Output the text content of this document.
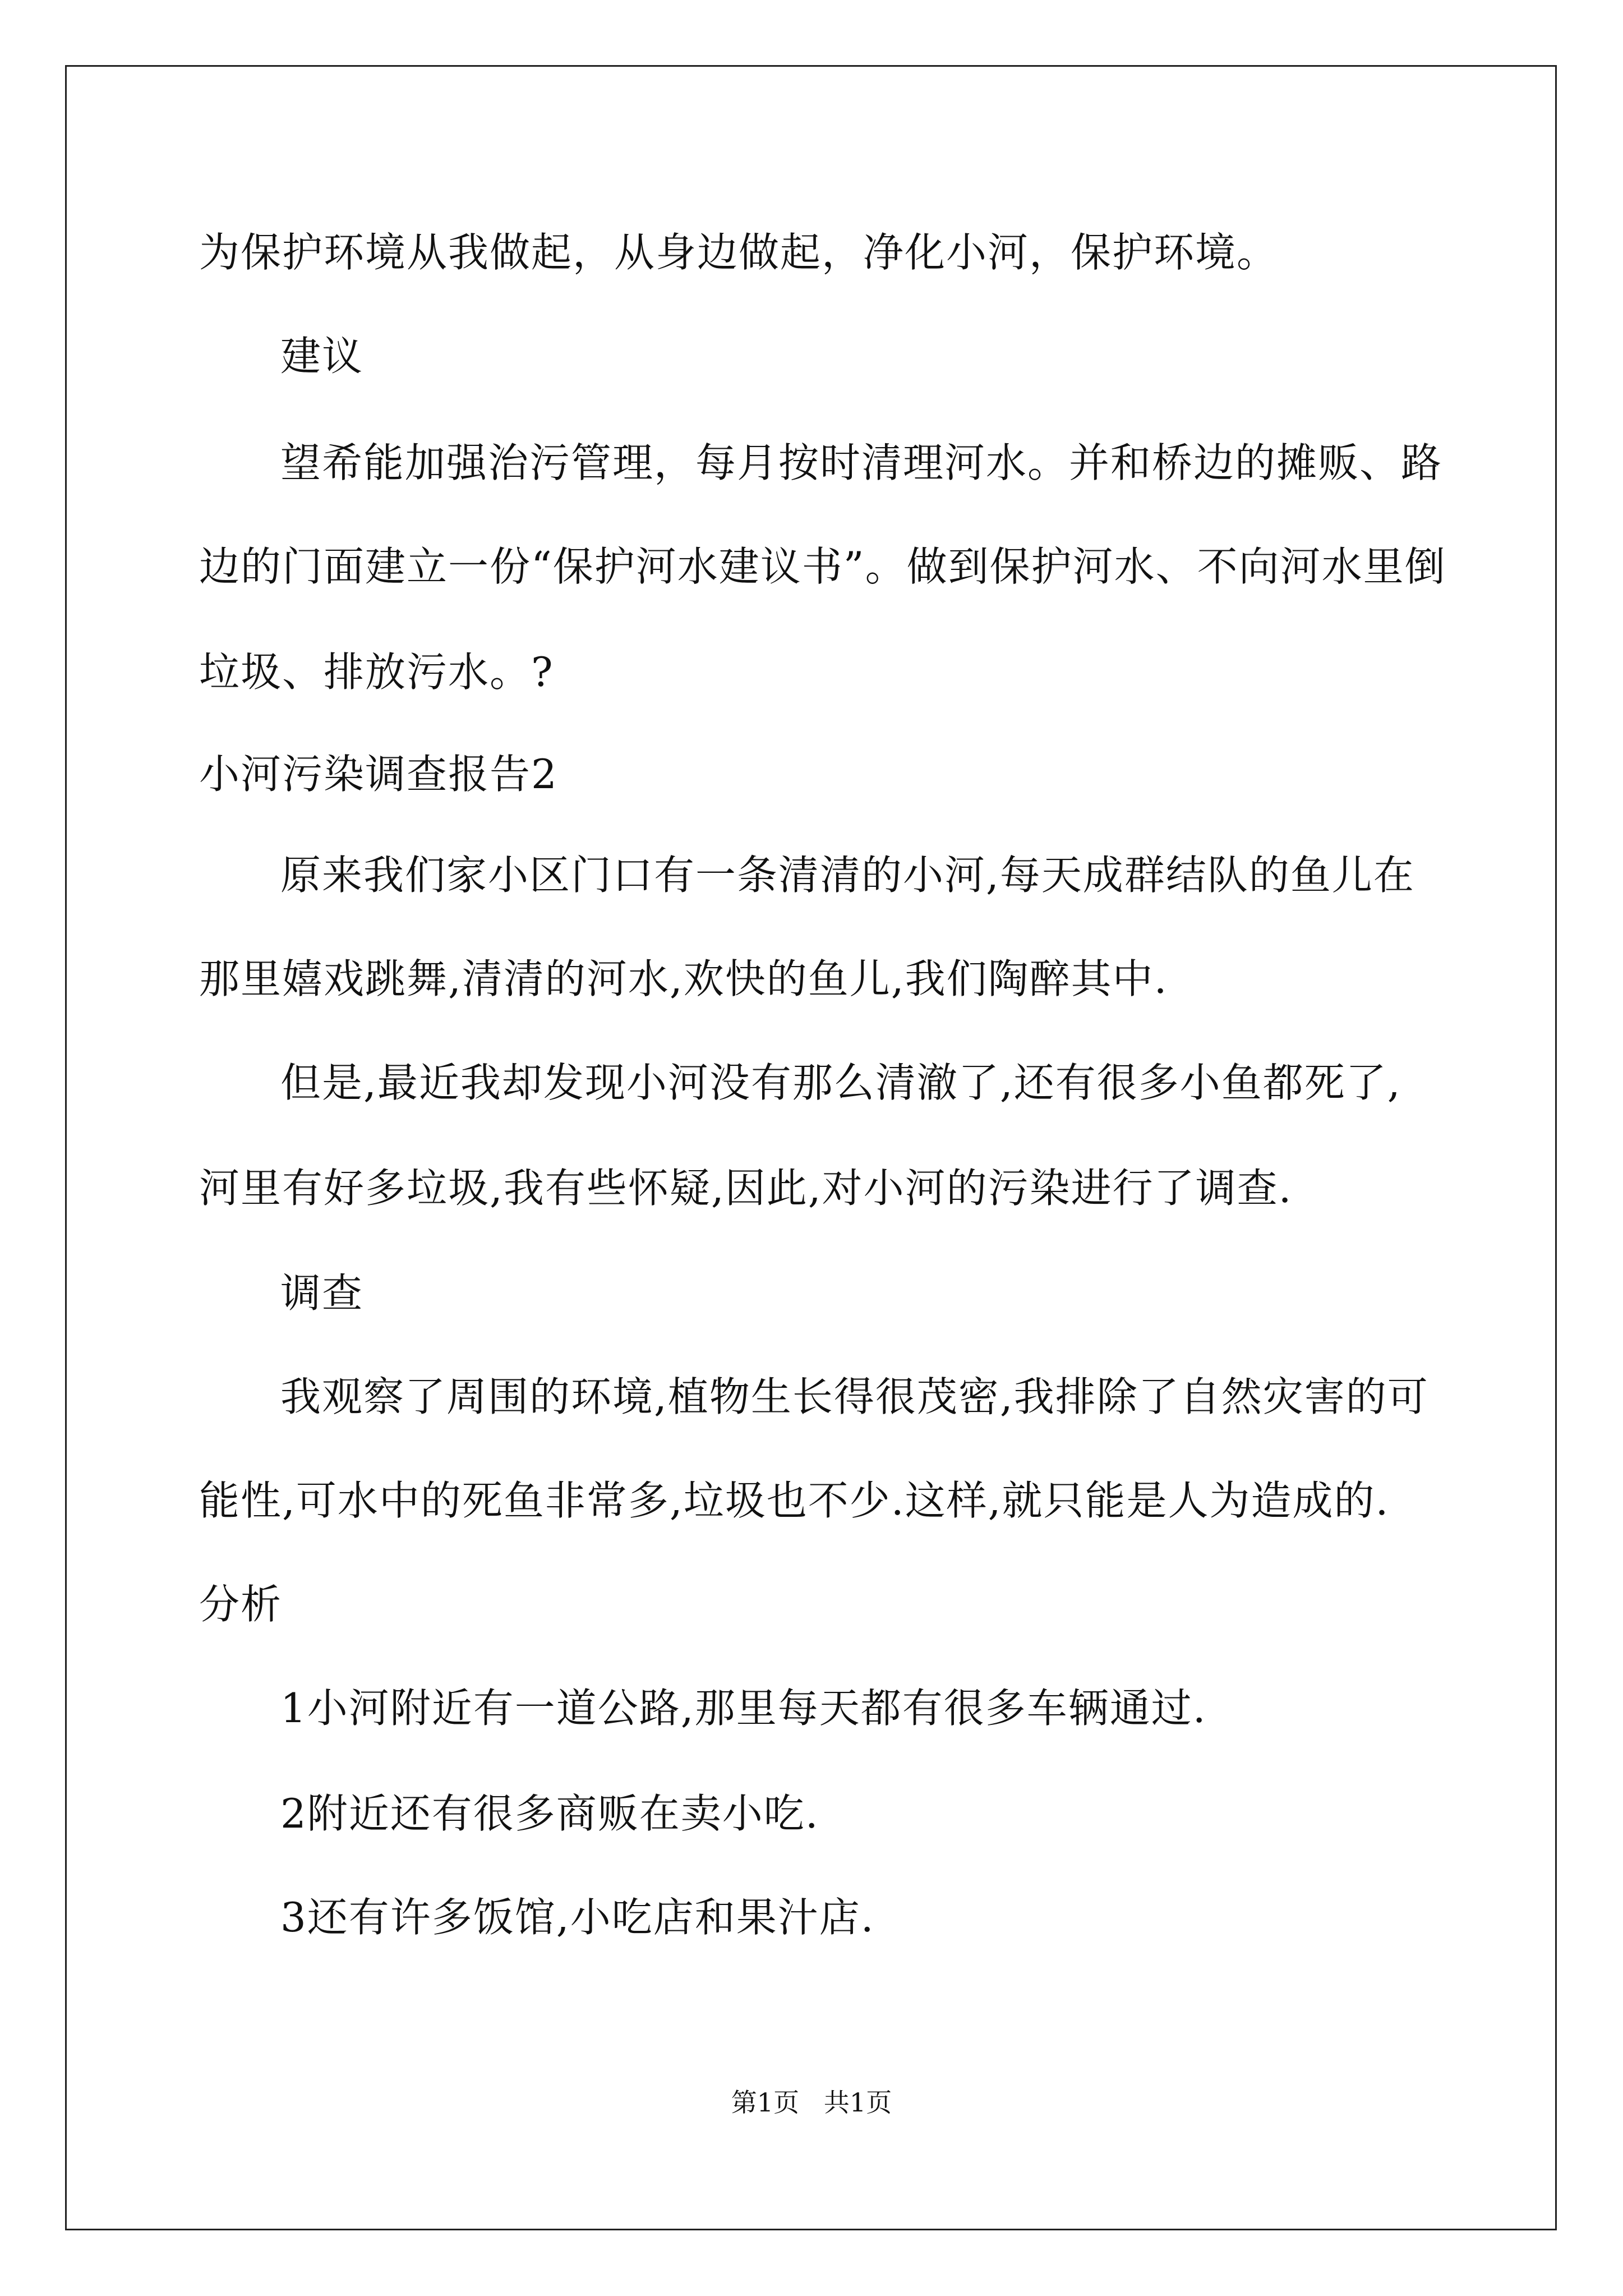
为保护环境从我做起，从身边做起，净化小河，保护环境。
建议
望希能加强治污管理，每月按时清理河水。并和桥边的摊贩、路
边的门面建立一份“保护河水建议书”。做到保护河水、不向河水里倒
垃圾、排放污水。?
小河污染调查报告2
原来我们家小区门口有一条清清的小河,每天成群结队的鱼儿在
那里嬉戏跳舞,清清的河水,欢快的鱼儿,我们陶醉其中.
但是,最近我却发现小河没有那么清澈了,还有很多小鱼都死了,
河里有好多垃圾,我有些怀疑,因此,对小河的污染进行了调查.
调查
我观察了周围的环境,植物生长得很茂密,我排除了自然灾害的可
能性,可水中的死鱼非常多,垃圾也不少.这样,就只能是人为造成的.
分析
1小河附近有一道公路,那里每天都有很多车辆通过.
2附近还有很多商贩在卖小吃.
3还有许多饭馆,小吃店和果汁店.
第1页   共1页
